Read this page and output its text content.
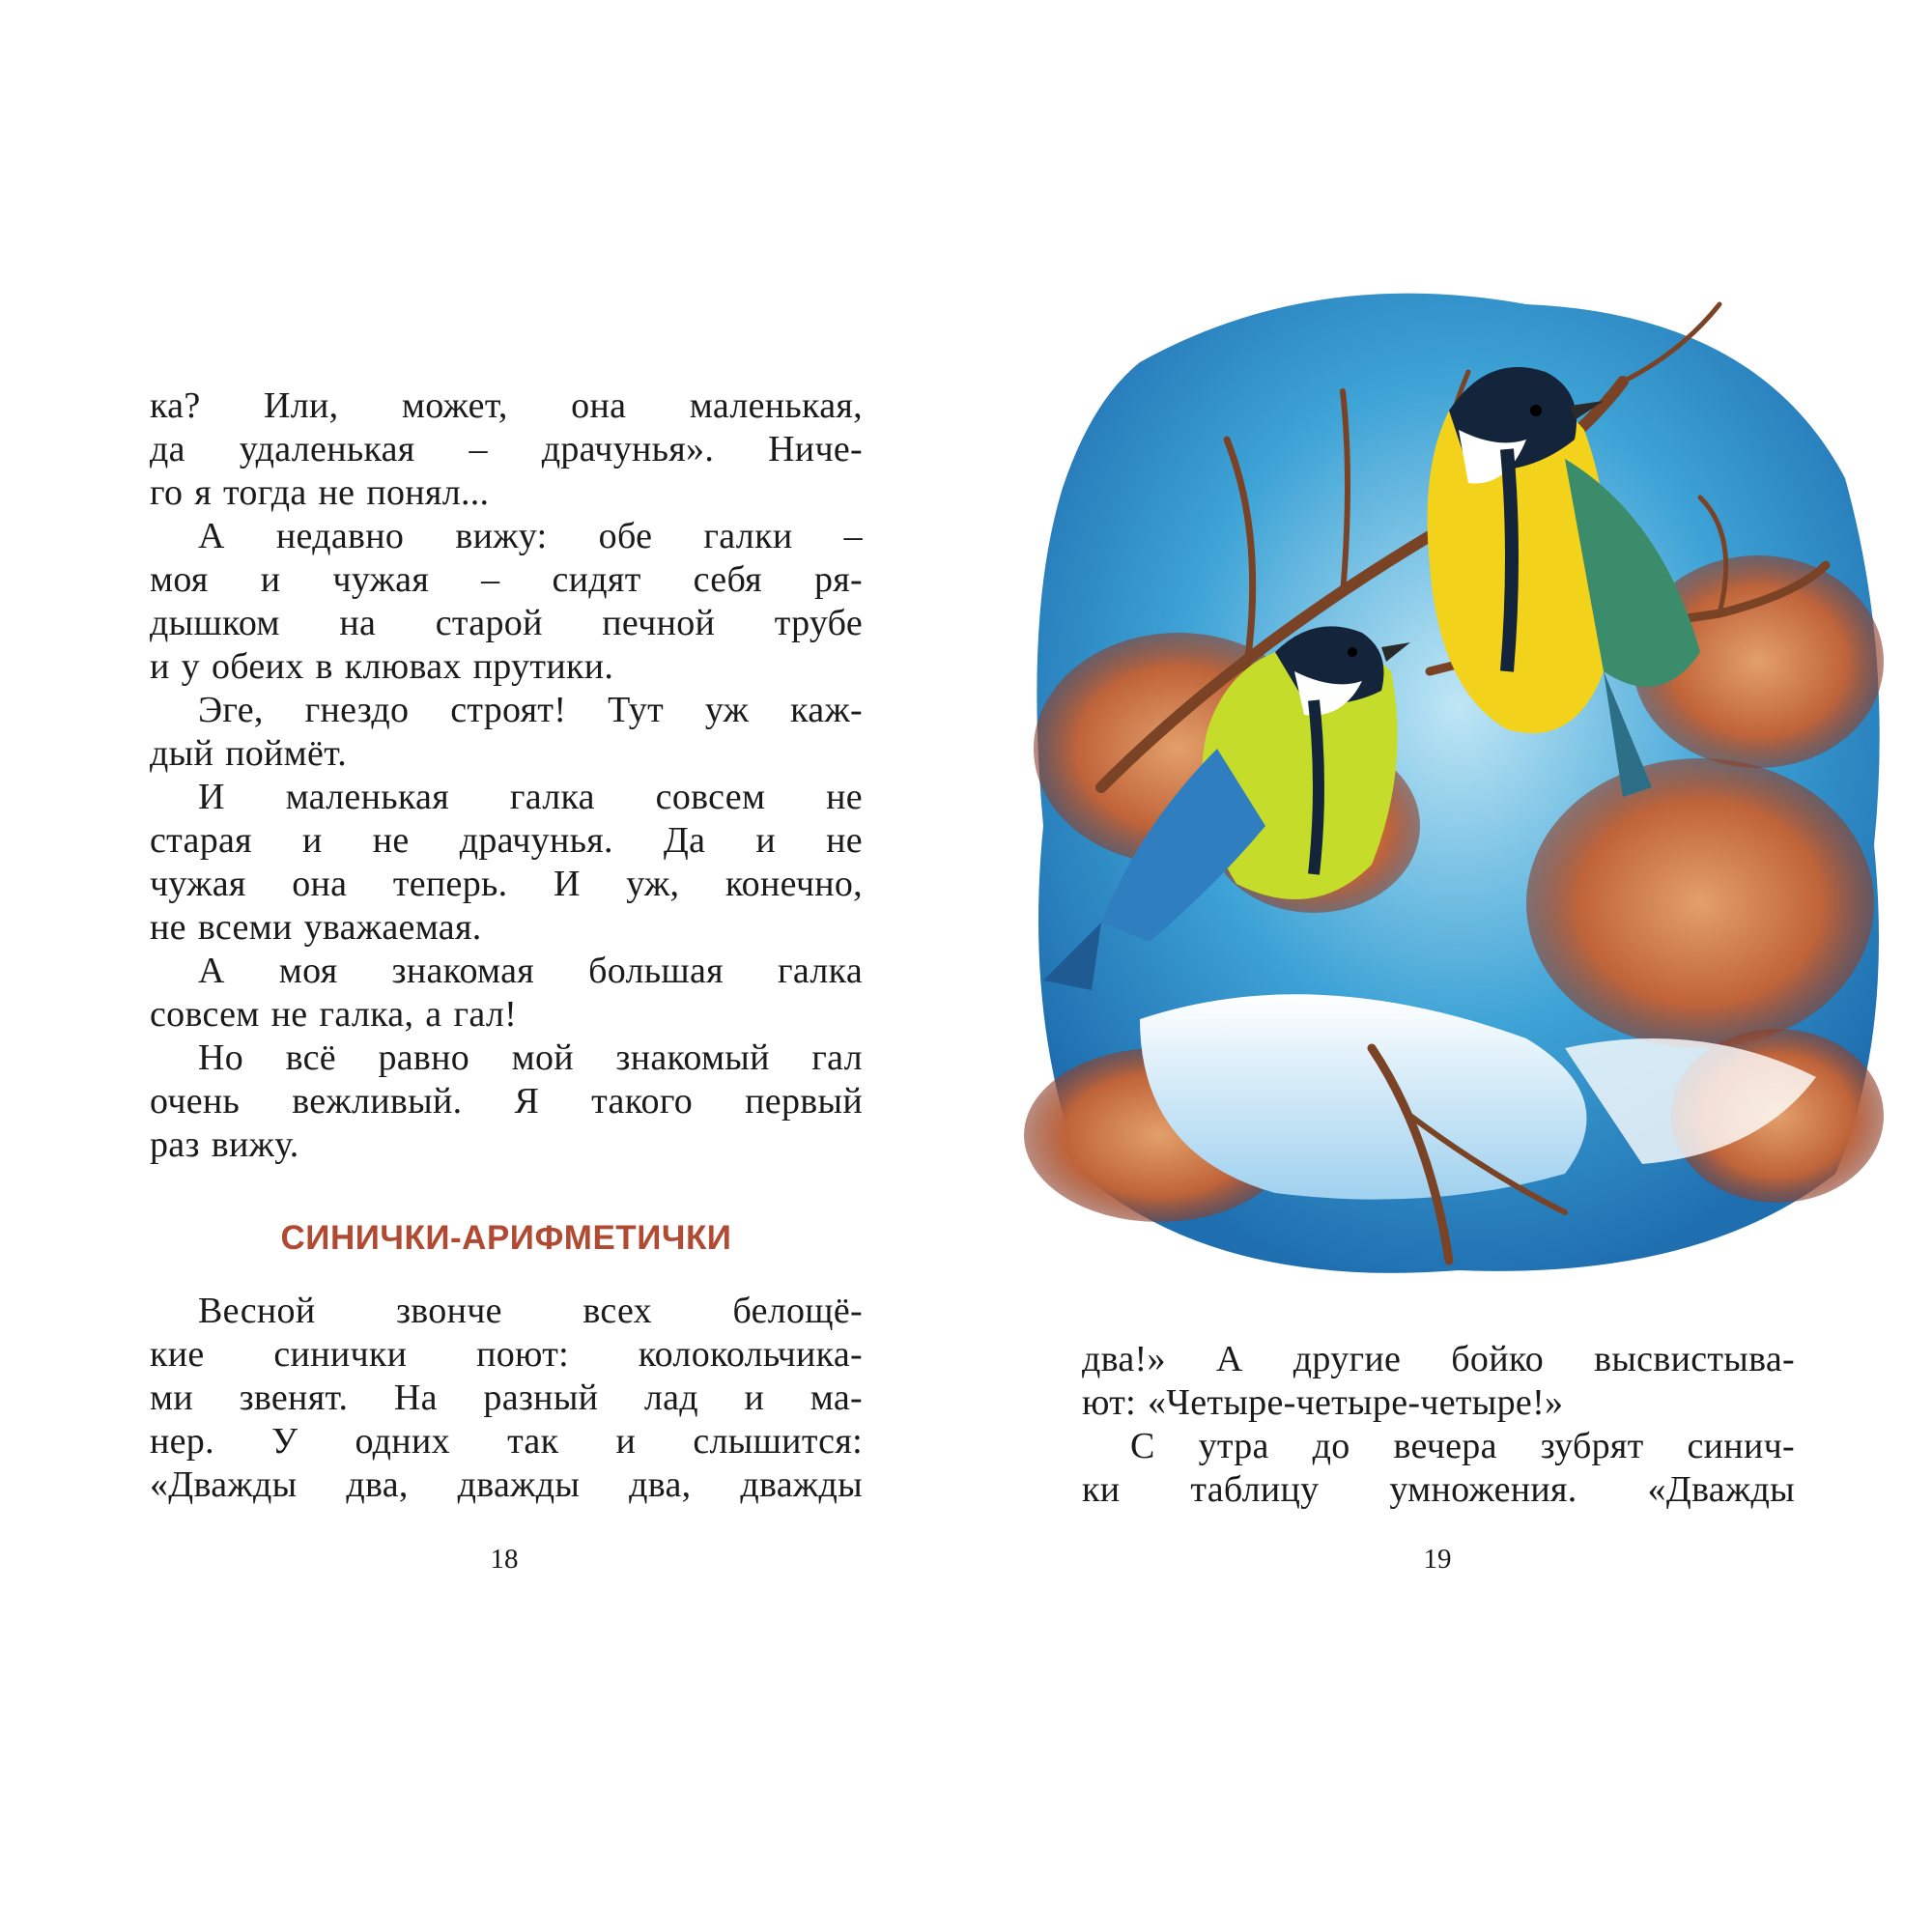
ка? Или, может, она маленькая,
да удаленькая – драчунья». Ниче-
го я тогда не понял...
А недавно вижу: обе галки –
моя и чужая – сидят себя ря-
дышком на старой печной трубе
и у обеих в клювах прутики.
Эге, гнездо строят! Тут уж каж-
дый поймёт.
И маленькая галка совсем не
старая и не драчунья. Да и не
чужая она теперь. И уж, конечно,
не всеми уважаемая.
А моя знакомая большая галка
совсем не галка, а гал!
Но всё равно мой знакомый гал
очень вежливый. Я такого первый
раз вижу.
СИНИЧКИ-АРИФМЕТИЧКИ
Весной звонче всех белощё-
кие синички поют: колокольчика-
ми звенят. На разный лад и ма-
нер. У одних так и слышится:
«Дважды два, дважды два, дважды
два!» А другие бойко высвистыва-
ют: «Четыре-четыре-четыре!»
С утра до вечера зубрят синич-
ки таблицу умножения. «Дважды
18	19
